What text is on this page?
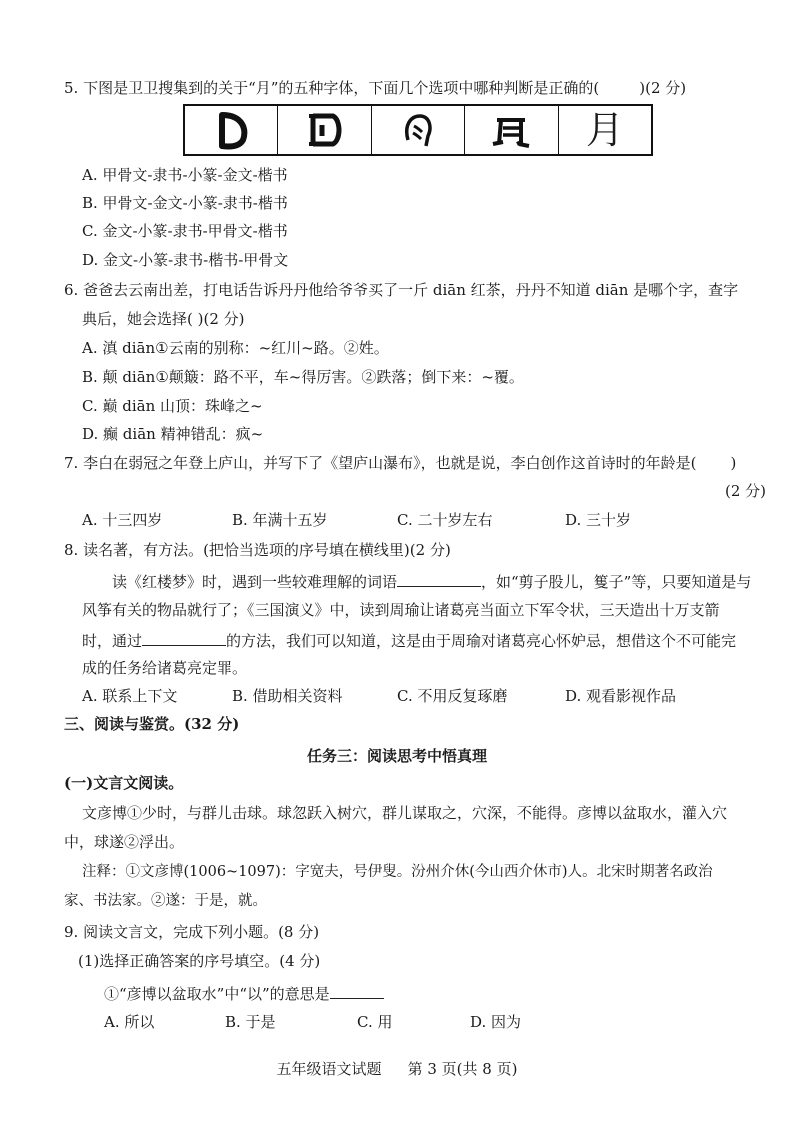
5. 下图是卫卫搜集到的关于“月”的五种字体，下面几个选项中哪种判断是正确的(	)(2 分)
月
A. 甲骨文-隶书-小篆-金文-楷书
B. 甲骨文-金文-小篆-隶书-楷书
C. 金文-小篆-隶书-甲骨文-楷书
D. 金文-小篆-隶书-楷书-甲骨文
6. 爸爸去云南出差，打电话告诉丹丹他给爷爷买了一斤 diān 红茶，丹丹不知道 diān 是哪个字，查字
典后，她会选择( )(2 分)
A. 滇 diān①云南的别称：~红川~路。②姓。
B. 颠 diān①颠簸：路不平，车~得厉害。②跌落；倒下来：~覆。
C. 巅 diān 山顶：珠峰之~
D. 癫 diān 精神错乱：疯~
7. 李白在弱冠之年登上庐山，并写下了《望庐山瀑布》，也就是说，李白创作这首诗时的年龄是( )
(2 分)
A. 十三四岁	B. 年满十五岁	C. 二十岁左右	D. 三十岁
8. 读名著，有方法。(把恰当选项的序号填在横线里)(2 分)
读《红楼梦》时，遇到一些较难理解的词语	，如“剪子股儿，篗子”等，只要知道是与
风筝有关的物品就行了；《三国演义》中，读到周瑜让诸葛亮当面立下军令状，三天造出十万支箭
时，通过	的方法，我们可以知道，这是由于周瑜对诸葛亮心怀妒忌，想借这个不可能完
成的任务给诸葛亮定罪。
A. 联系上下文	B. 借助相关资料	C. 不用反复琢磨	D. 观看影视作品
三、阅读与鉴赏。(32 分)
任务三：阅读思考中悟真理
(一)文言文阅读。
文彦博①少时，与群儿击球。球忽跃入树穴，群儿谋取之，穴深，不能得。彦博以盆取水，灌入穴
中，球遂②浮出。
注释：①文彦博(1006~1097)：字宽夫，号伊叟。汾州介休(今山西介休市)人。北宋时期著名政治
家、书法家。②遂：于是，就。
9. 阅读文言文，完成下列小题。(8 分)
(1)选择正确答案的序号填空。(4 分)
①“彦博以盆取水”中“以”的意思是
A. 所以	B. 于是	C. 用	D. 因为
五年级语文试题 第 3 页(共 8 页)
